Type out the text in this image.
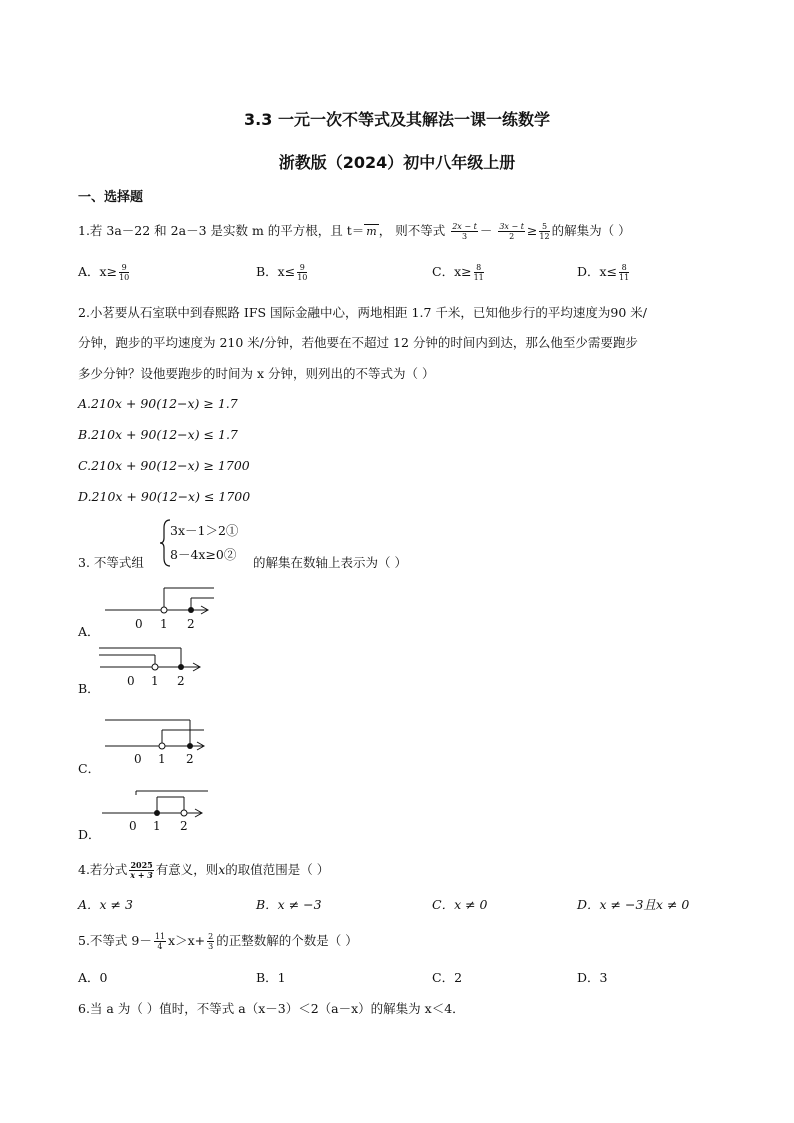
3.3 一元一次不等式及其解法一课一练数学
浙教版（2024）初中八年级上册
一、选择题
1.若 3a－22 和 2a－3 是实数 m 的平方根，且 t＝ m ， 则不等式 $\frac{2x - t}{3} - \frac{3x - t}{2} \ge \frac{5}{12}$ 的解集为（ ）
A．$x\ge \frac{9}{10}$	B．$x\le \frac{9}{10}$	C．$x\ge \frac{8}{11}$	D．$x\le \frac{8}{11}$
2.小茗要从石室联中到春熙路 IFS 国际金融中心，两地相距 1.7 千米，已知他步行的平均速度为90 米/
分钟，跑步的平均速度为 210 米/分钟，若他要在不超过 12 分钟的时间内到达，那么他至少需要跑步
多少分钟？设他要跑步的时间为 x 分钟，则列出的不等式为（ ）
A.210x + 90(12−x) ≥ 1.7
B.210x + 90(12−x) ≤ 1.7
C.210x + 90(12−x) ≥ 1700
D.210x + 90(12−x) ≤ 1700
3. 不等式组
3x－1＞2①
8－4x≥0②
的解集在数轴上表示为（ ）
A．	0 1 2
B． 0 1 2
C．
0 1 2
D．
0 1 2
4.若分式 $\frac{2025}{x + 3}$ 有意义，则x的取值范围是（ ）
A．x ≠ 3	B．x ≠ −3	C．x ≠ 0	D．x ≠ −3且x ≠ 0
5.不等式 $9- \frac{11}{4} x>x+ \frac{2}{3}$ 的正整数解的个数是（ ）
A．0	B．1	C．2	D．3
6.当 a 为（ ）值时，不等式 a（x－3）＜2（a－x）的解集为 x＜4．
